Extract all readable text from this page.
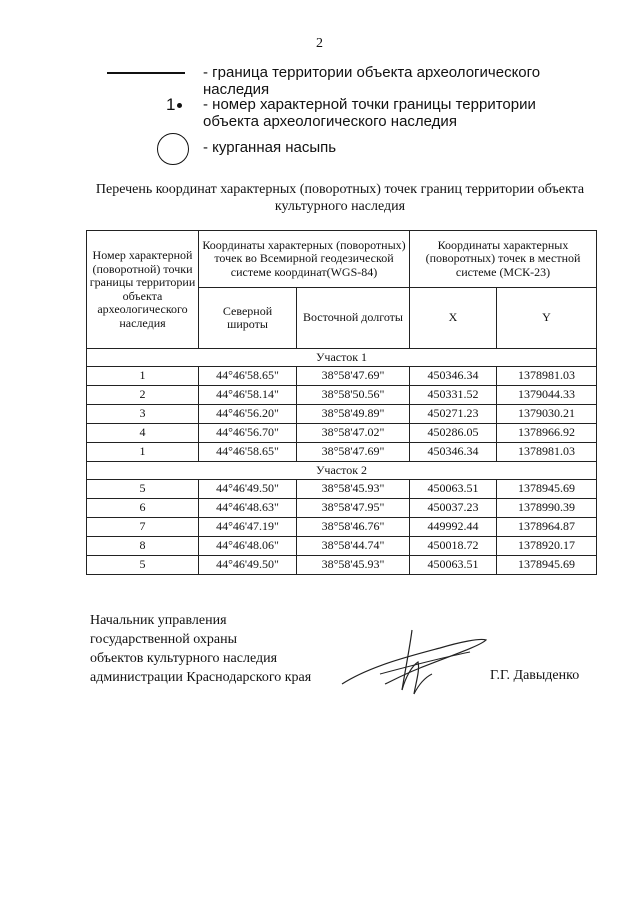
2
- граница территории объекта археологического наследия
1	- номер характерной точки границы территории объекта археологического наследия
- курганная насыпь
Перечень координат характерных (поворотных) точек границ территории объекта культурного наследия
Номер характерной (поворотной) точки границы территории объекта археологического наследия	Координаты характерных (поворотных) точек во Всемирной геодезической системе координат(WGS-84)		Координаты характерных (поворотных) точек в местной системе (МСК-23)	
	Северной широты	Восточной долготы	X	Y
Участок 1				
1	44°46'58.65"	38°58'47.69"	450346.34	1378981.03
2	44°46'58.14"	38°58'50.56"	450331.52	1379044.33
3	44°46'56.20"	38°58'49.89"	450271.23	1379030.21
4	44°46'56.70"	38°58'47.02"	450286.05	1378966.92
1	44°46'58.65"	38°58'47.69"	450346.34	1378981.03
Участок 2				
5	44°46'49.50"	38°58'45.93"	450063.51	1378945.69
6	44°46'48.63"	38°58'47.95"	450037.23	1378990.39
7	44°46'47.19"	38°58'46.76"	449992.44	1378964.87
8	44°46'48.06"	38°58'44.74"	450018.72	1378920.17
5	44°46'49.50"	38°58'45.93"	450063.51	1378945.69
Начальник управления
государственной охраны
объектов культурного наследия
администрации Краснодарского края	Г.Г. Давыденко
